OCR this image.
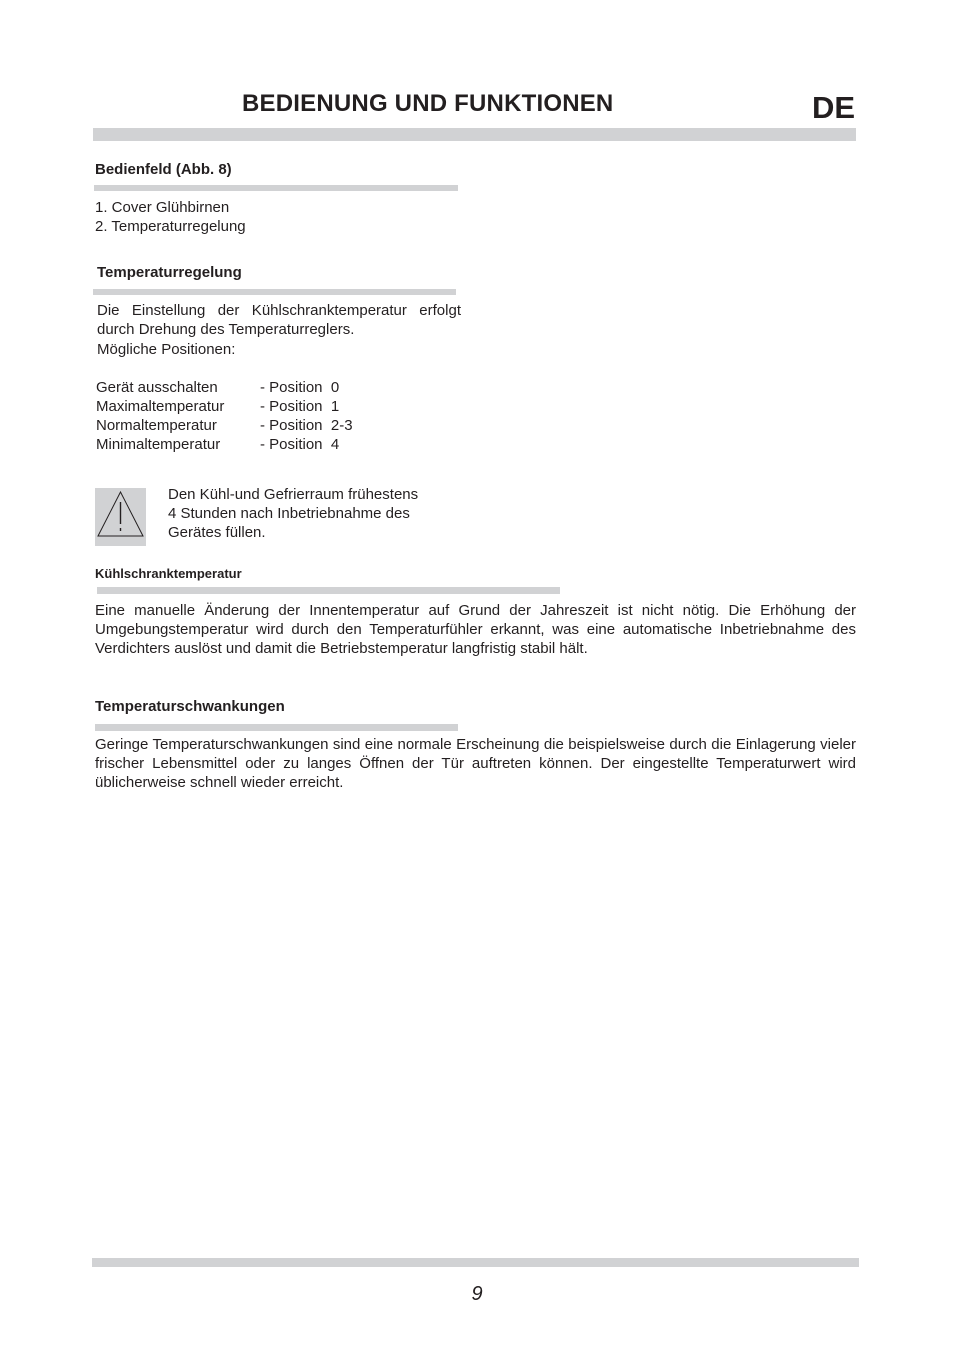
BEDIENUNG UND FUNKTIONEN	DE
Bedienfeld (Abb. 8)
1. Cover Glühbirnen
2. Temperaturregelung
Temperaturregelung
Die Einstellung der Kühlschranktemperatur erfolgt
durch Drehung des Temperaturreglers.
Mögliche Positionen:
Gerät ausschalten	- Position  0
Maximaltemperatur - Position  1
Normaltemperatur	- Position  2-3
Minimaltemperatur	- Position  4
Den Kühl-und Gefrierraum frühestens
4 Stunden nach Inbetriebnahme des
Gerätes füllen.
Kühlschranktemperatur
Eine manuelle Änderung der Innentemperatur auf Grund der Jahreszeit ist nicht nötig. Die Erhöhung der Umgebungstemperatur wird durch den Temperaturfühler erkannt, was eine automatische Inbetriebnahme des Verdichters auslöst und damit die Betriebstemperatur langfristig stabil hält.
Temperaturschwankungen
Geringe Temperaturschwankungen sind eine normale Erscheinung die beispielsweise durch die Einlagerung vieler frischer Lebensmittel oder zu langes Öffnen der Tür auftreten können. Der eingestellte Temperaturwert wird üblicherweise schnell wieder erreicht.
9
